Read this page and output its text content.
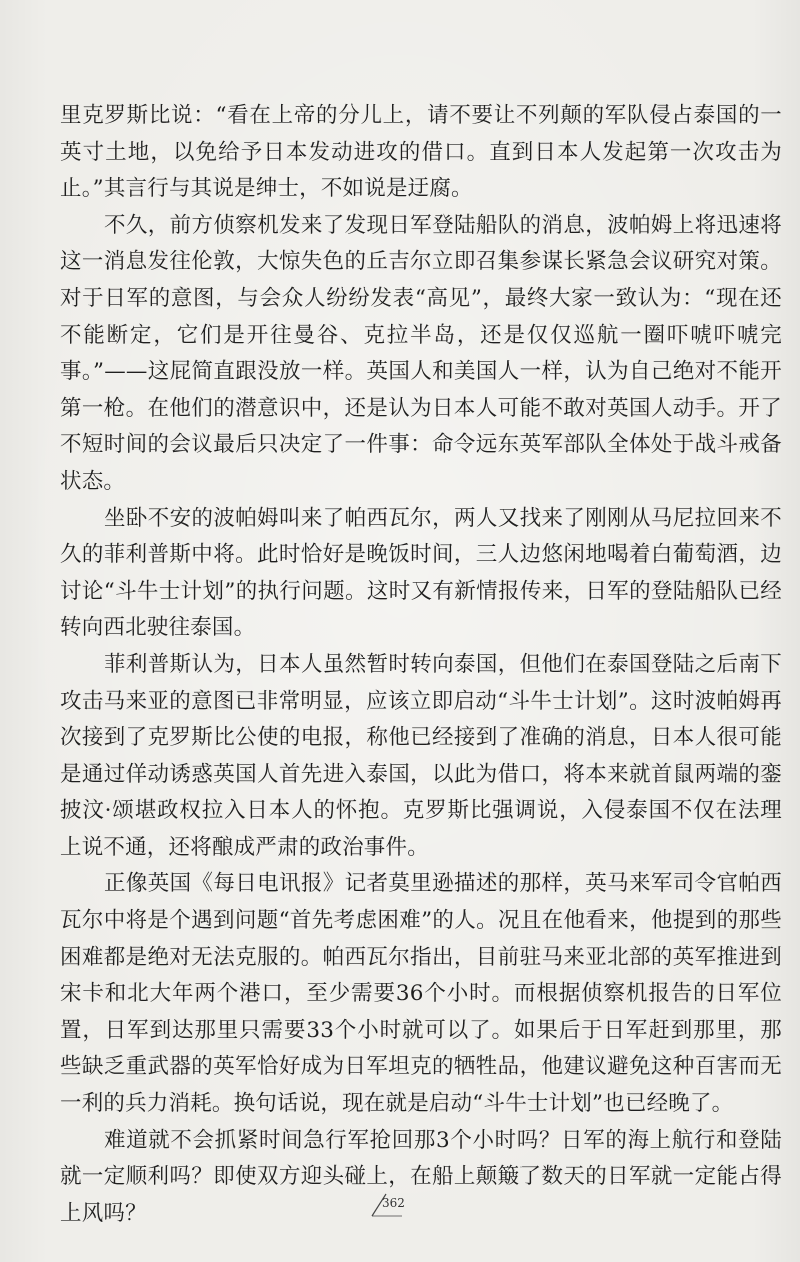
里克罗斯比说：“看在上帝的分儿上，请不要让不列颠的军队侵占泰国的一英寸土地，以免给予日本发动进攻的借口。直到日本人发起第一次攻击为止。”其言行与其说是绅士，不如说是迂腐。

不久，前方侦察机发来了发现日军登陆船队的消息，波帕姆上将迅速将这一消息发往伦敦，大惊失色的丘吉尔立即召集参谋长紧急会议研究对策。对于日军的意图，与会众人纷纷发表“高见”，最终大家一致认为：“现在还不能断定，它们是开往曼谷、克拉半岛，还是仅仅巡航一圈吓唬吓唬完事。”——这屁简直跟没放一样。英国人和美国人一样，认为自己绝对不能开第一枪。在他们的潜意识中，还是认为日本人可能不敢对英国人动手。开了不短时间的会议最后只决定了一件事：命令远东英军部队全体处于战斗戒备状态。

坐卧不安的波帕姆叫来了帕西瓦尔，两人又找来了刚刚从马尼拉回来不久的菲利普斯中将。此时恰好是晚饭时间，三人边悠闲地喝着白葡萄酒，边讨论“斗牛士计划”的执行问题。这时又有新情报传来，日军的登陆船队已经转向西北驶往泰国。

菲利普斯认为，日本人虽然暂时转向泰国，但他们在泰国登陆之后南下攻击马来亚的意图已非常明显，应该立即启动“斗牛士计划”。这时波帕姆再次接到了克罗斯比公使的电报，称他已经接到了准确的消息，日本人很可能是通过佯动诱惑英国人首先进入泰国，以此为借口，将本来就首鼠两端的銮披汶·颂堪政权拉入日本人的怀抱。克罗斯比强调说，入侵泰国不仅在法理上说不通，还将酿成严肃的政治事件。

正像英国《每日电讯报》记者莫里逊描述的那样，英马来军司令官帕西瓦尔中将是个遇到问题“首先考虑困难”的人。况且在他看来，他提到的那些困难都是绝对无法克服的。帕西瓦尔指出，目前驻马来亚北部的英军推进到宋卡和北大年两个港口，至少需要36个小时。而根据侦察机报告的日军位置，日军到达那里只需要33个小时就可以了。如果后于日军赶到那里，那些缺乏重武器的英军恰好成为日军坦克的牺牲品，他建议避免这种百害而无一利的兵力消耗。换句话说，现在就是启动“斗牛士计划”也已经晚了。

难道就不会抓紧时间急行军抢回那3个小时吗？日军的海上航行和登陆就一定顺利吗？即使双方迎头碰上，在船上颠簸了数天的日军就一定能占得上风吗？	362
